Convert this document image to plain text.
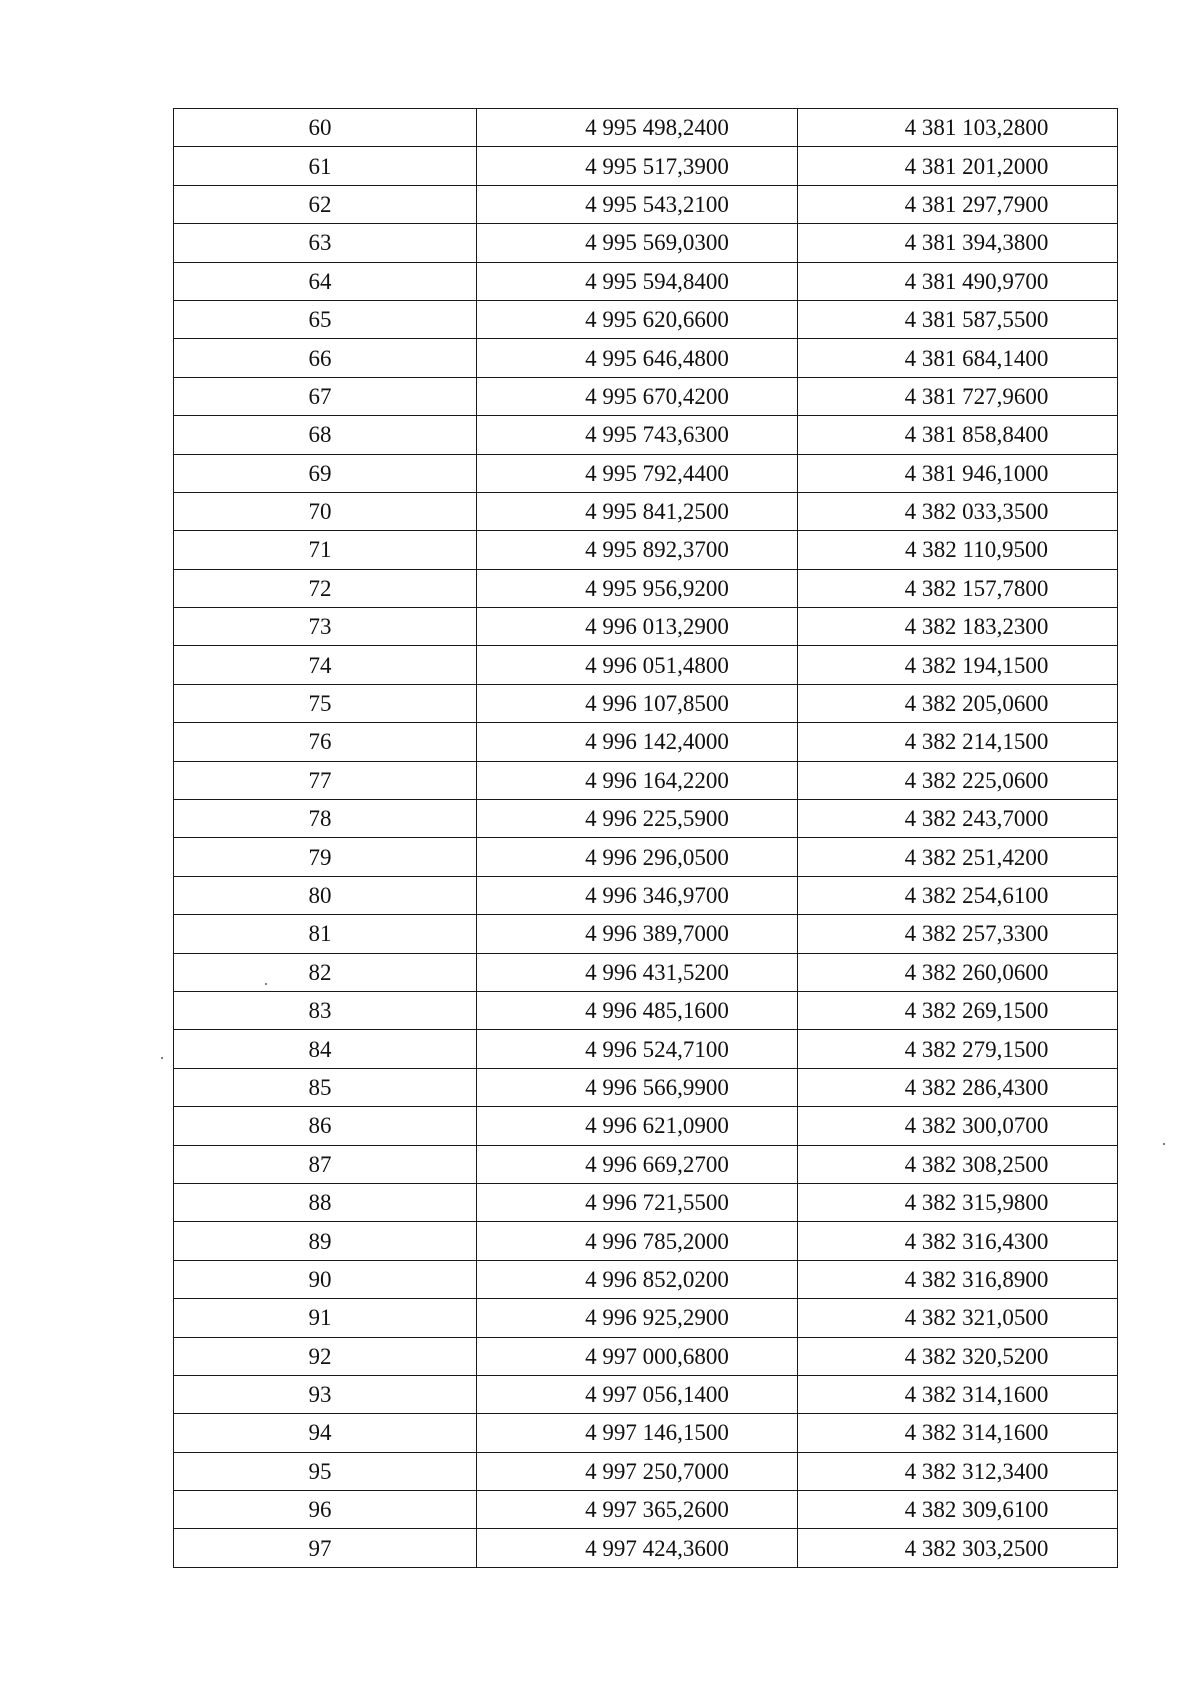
60	4 995 498,2400	4 381 103,2800
61	4 995 517,3900	4 381 201,2000
62	4 995 543,2100	4 381 297,7900
63	4 995 569,0300	4 381 394,3800
64	4 995 594,8400	4 381 490,9700
65	4 995 620,6600	4 381 587,5500
66	4 995 646,4800	4 381 684,1400
67	4 995 670,4200	4 381 727,9600
68	4 995 743,6300	4 381 858,8400
69	4 995 792,4400	4 381 946,1000
70	4 995 841,2500	4 382 033,3500
71	4 995 892,3700	4 382 110,9500
72	4 995 956,9200	4 382 157,7800
73	4 996 013,2900	4 382 183,2300
74	4 996 051,4800	4 382 194,1500
75	4 996 107,8500	4 382 205,0600
76	4 996 142,4000	4 382 214,1500
77	4 996 164,2200	4 382 225,0600
78	4 996 225,5900	4 382 243,7000
79	4 996 296,0500	4 382 251,4200
80	4 996 346,9700	4 382 254,6100
81	4 996 389,7000	4 382 257,3300
82	4 996 431,5200	4 382 260,0600
83	4 996 485,1600	4 382 269,1500
84	4 996 524,7100	4 382 279,1500
85	4 996 566,9900	4 382 286,4300
86	4 996 621,0900	4 382 300,0700
87	4 996 669,2700	4 382 308,2500
88	4 996 721,5500	4 382 315,9800
89	4 996 785,2000	4 382 316,4300
90	4 996 852,0200	4 382 316,8900
91	4 996 925,2900	4 382 321,0500
92	4 997 000,6800	4 382 320,5200
93	4 997 056,1400	4 382 314,1600
94	4 997 146,1500	4 382 314,1600
95	4 997 250,7000	4 382 312,3400
96	4 997 365,2600	4 382 309,6100
97	4 997 424,3600	4 382 303,2500
